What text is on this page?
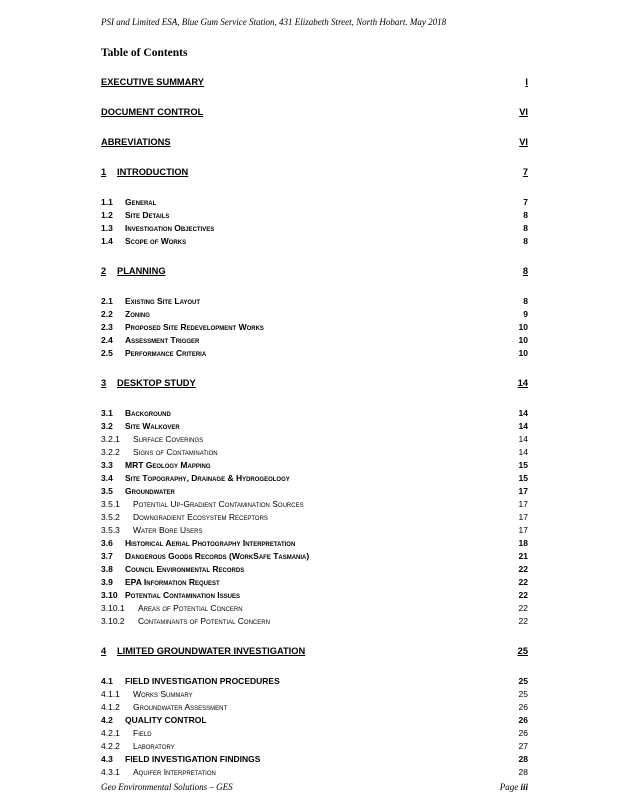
PSI and Limited ESA, Blue Gum Service Station, 431 Elizabeth Street, North Hobart. May 2018
Table of Contents
EXECUTIVE SUMMARY	I
DOCUMENT CONTROL	VI
ABREVIATIONS	VI
1	INTRODUCTION	7
1.1	General	7
1.2	Site Details	8
1.3	Investigation Objectives	8
1.4	Scope of Works	8
2	PLANNING	8
2.1	Existing Site Layout	8
2.2	Zoning	9
2.3	Proposed Site Redevelopment Works	10
2.4	Assessment Trigger	10
2.5	Performance Criteria	10
3	DESKTOP STUDY	14
3.1	Background	14
3.2	Site Walkover	14
3.2.1	Surface Coverings	14
3.2.2	Signs of Contamination	14
3.3	MRT Geology Mapping	15
3.4	Site Topography, Drainage & Hydrogeology	15
3.5	Groundwater	17
3.5.1	Potential Up-Gradient Contamination Sources	17
3.5.2	Downgradient Ecosystem Receptors	17
3.5.3	Water Bore Users	17
3.6	Historical Aerial Photography Interpretation	18
3.7	Dangerous Goods Records (WorkSafe Tasmania)	21
3.8	Council Environmental Records	22
3.9	EPA Information Request	22
3.10 Potential Contamination Issues	22
3.10.1	Areas of Potential Concern	22
3.10.2	Contaminants of Potential Concern	22
4	LIMITED GROUNDWATER INVESTIGATION	25
4.1	FIELD INVESTIGATION PROCEDURES	25
4.1.1	Works Summary	25
4.1.2	Groundwater Assessment	26
4.2	QUALITY CONTROL	26
4.2.1	Field	26
4.2.2	Laboratory	27
4.3	FIELD INVESTIGATION FINDINGS	28
4.3.1	Aquifer Interpretation	28
Geo Environmental Solutions – GES	Page iii
